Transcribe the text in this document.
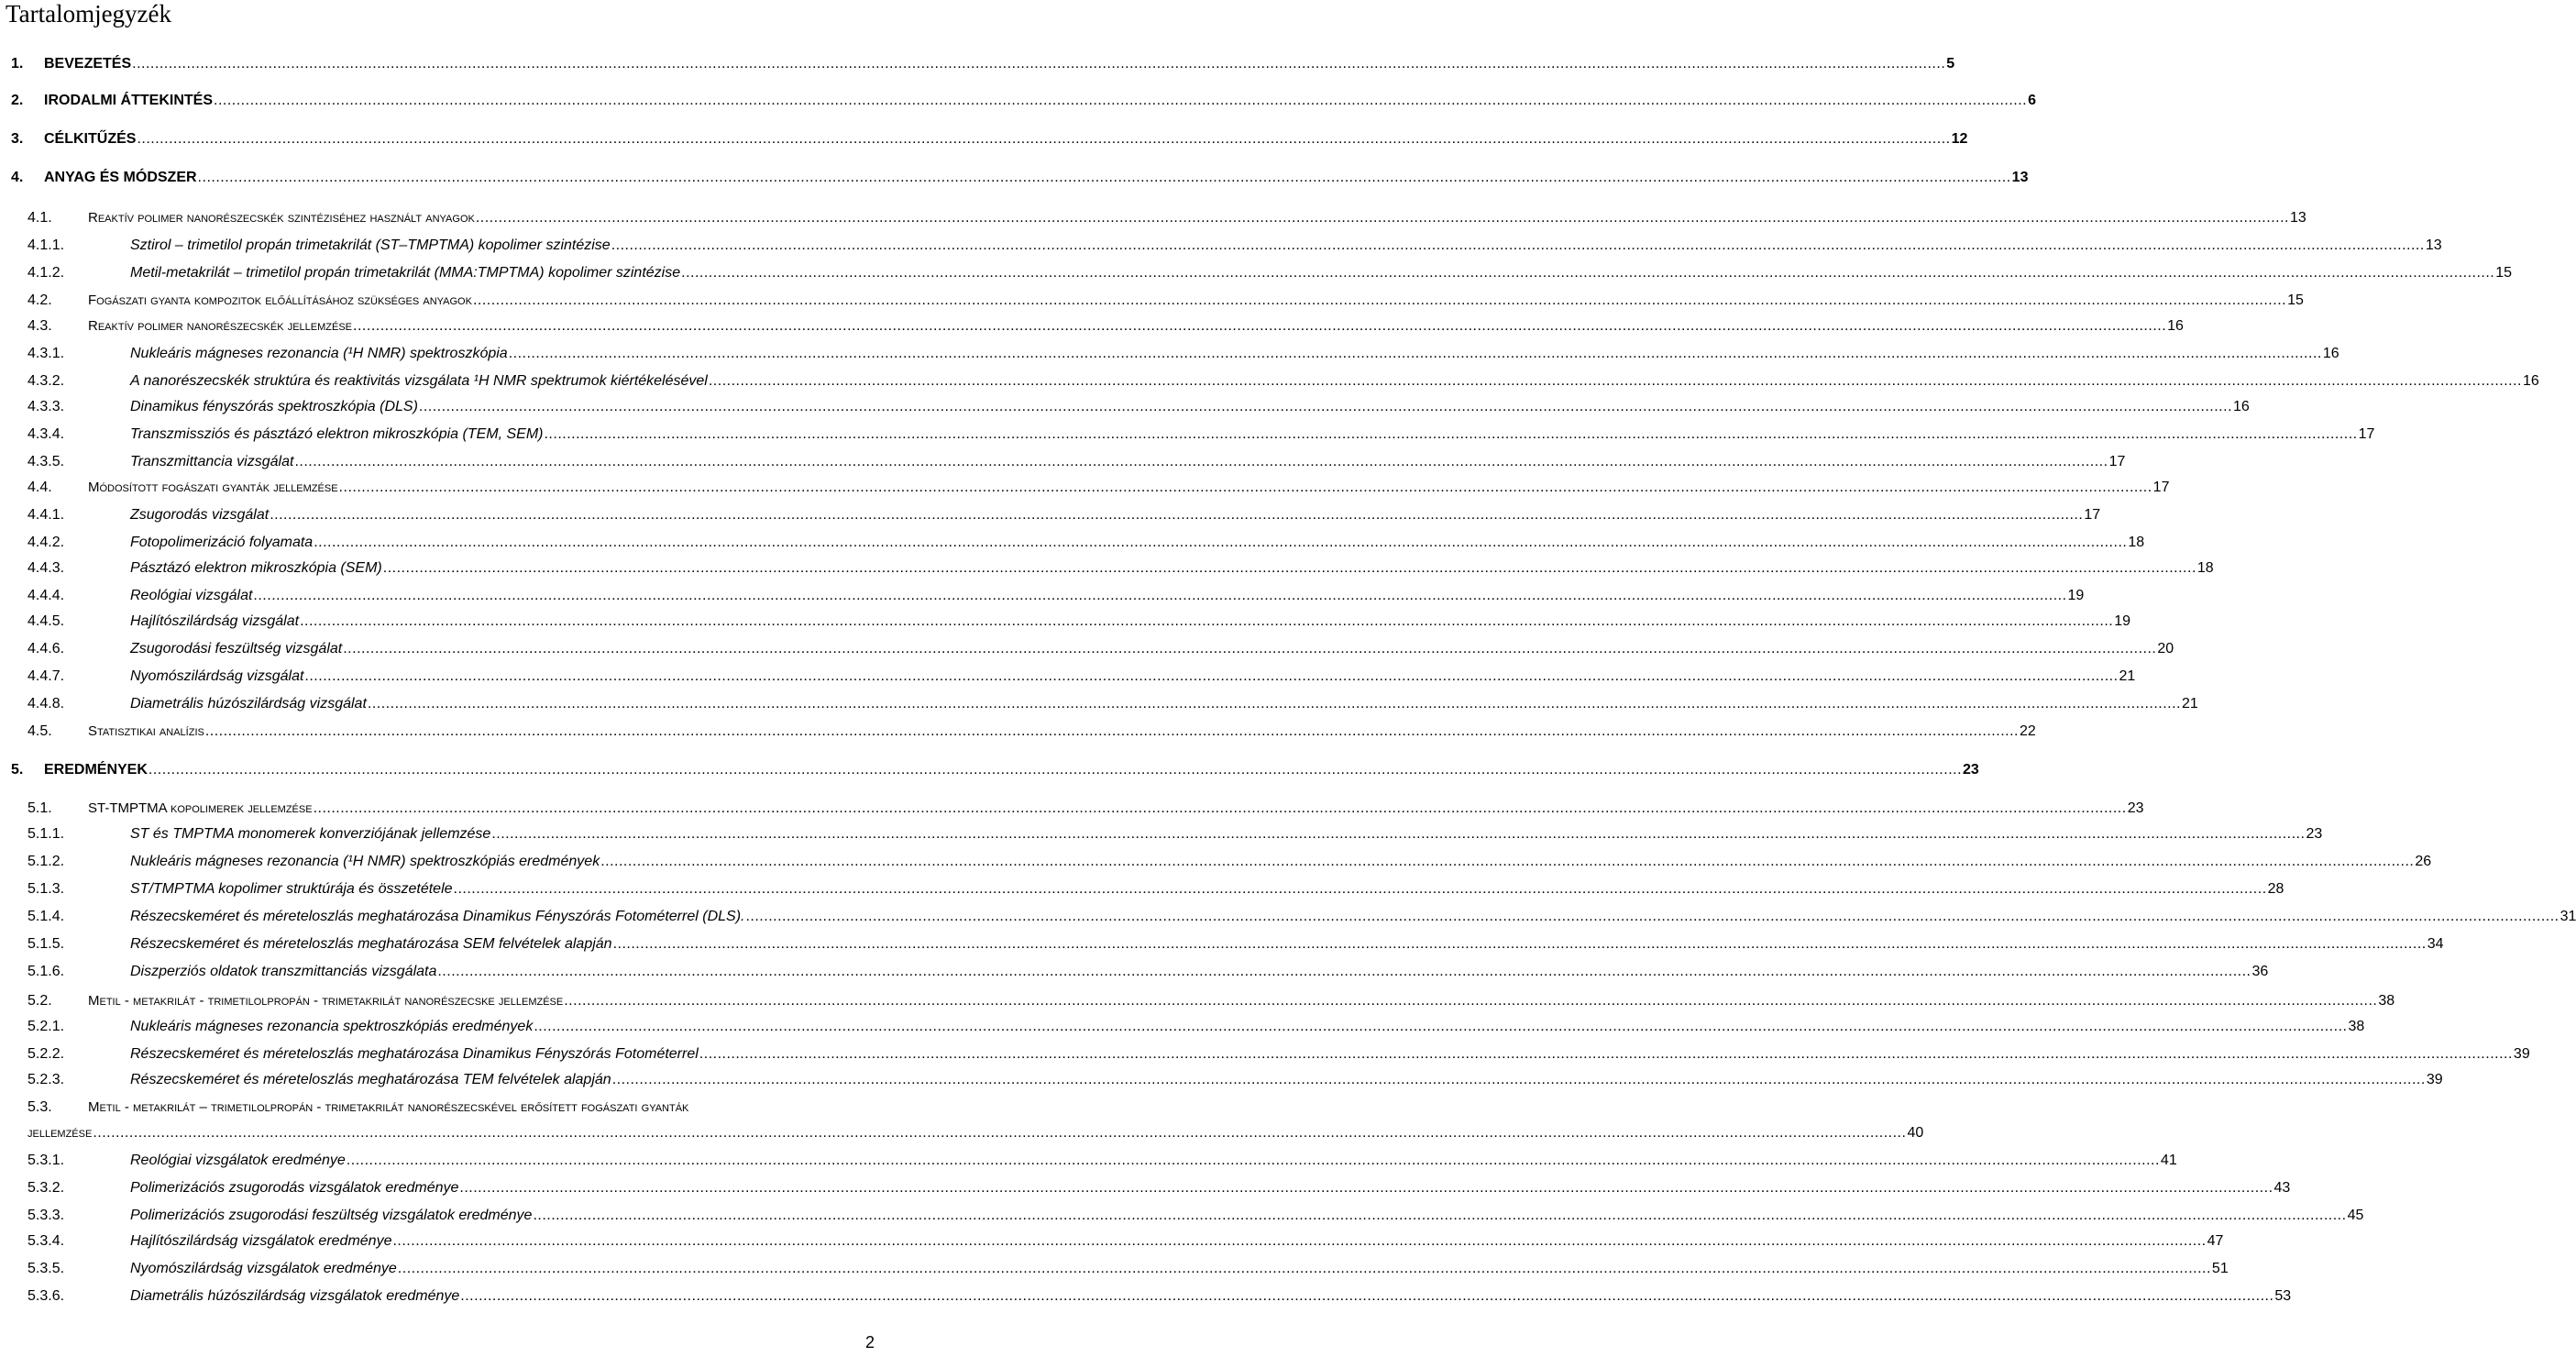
Tartalomjegyzék
1. BEVEZETÉS ................................................................................................................................................................................................................................................................................................................................................................................................................ 5
2. IRODALMI ÁTTEKINTÉS ................................................................................................................................................................................................................................................................................................................................................................................................................ 6
3. CÉLKITŰZÉS ................................................................................................................................................................................................................................................................................................................................................................................................................ 12
4. ANYAG ÉS MÓDSZER ................................................................................................................................................................................................................................................................................................................................................................................................................ 13
4.1.	Reaktív polimer nanorészecskék szintéziséhez használt anyagok ................................................................................................................................................................................................................................................................................................................................................................................................................ 13
4.1.1.	Sztirol – trimetilol propán trimetakrilát (ST–TMPTMA) kopolimer szintézise ................................................................................................................................................................................................................................................................................................................................................................................................................ 13
4.1.2.	Metil-metakrilát – trimetilol propán trimetakrilát (MMA:TMPTMA) kopolimer szintézise ................................................................................................................................................................................................................................................................................................................................................................................................................ 15
4.2.	Fogászati gyanta kompozitok előállításához szükséges anyagok ................................................................................................................................................................................................................................................................................................................................................................................................................ 15
4.3.	Reaktív polimer nanorészecskék jellemzése ................................................................................................................................................................................................................................................................................................................................................................................................................ 16
4.3.1.	Nukleáris mágneses rezonancia (¹H NMR) spektroszkópia ................................................................................................................................................................................................................................................................................................................................................................................................................ 16
4.3.2.	A nanorészecskék struktúra és reaktivitás vizsgálata ¹H NMR spektrumok kiértékelésével ................................................................................................................................................................................................................................................................................................................................................................................................................ 16
4.3.3.	Dinamikus fényszórás spektroszkópia (DLS) ................................................................................................................................................................................................................................................................................................................................................................................................................ 16
4.3.4.	Transzmissziós és pásztázó elektron mikroszkópia (TEM, SEM) ................................................................................................................................................................................................................................................................................................................................................................................................................ 17
4.3.5.	Transzmittancia vizsgálat ................................................................................................................................................................................................................................................................................................................................................................................................................ 17
4.4.	Módosított fogászati gyanták jellemzése ................................................................................................................................................................................................................................................................................................................................................................................................................ 17
4.4.1.	Zsugorodás vizsgálat ................................................................................................................................................................................................................................................................................................................................................................................................................ 17
4.4.2.	Fotopolimerizáció folyamata ................................................................................................................................................................................................................................................................................................................................................................................................................ 18
4.4.3.	Pásztázó elektron mikroszkópia (SEM) ................................................................................................................................................................................................................................................................................................................................................................................................................ 18
4.4.4.	Reológiai vizsgálat ................................................................................................................................................................................................................................................................................................................................................................................................................ 19
4.4.5.	Hajlítószilárdság vizsgálat ................................................................................................................................................................................................................................................................................................................................................................................................................ 19
4.4.6.	Zsugorodási feszültség vizsgálat ................................................................................................................................................................................................................................................................................................................................................................................................................ 20
4.4.7.	Nyomószilárdság vizsgálat ................................................................................................................................................................................................................................................................................................................................................................................................................ 21
4.4.8.	Diametrális húzószilárdság vizsgálat ................................................................................................................................................................................................................................................................................................................................................................................................................ 21
4.5.	Statisztikai analízis ................................................................................................................................................................................................................................................................................................................................................................................................................ 22
5. EREDMÉNYEK ................................................................................................................................................................................................................................................................................................................................................................................................................ 23
5.1.	ST-TMPTMA kopolimerek jellemzése ................................................................................................................................................................................................................................................................................................................................................................................................................ 23
5.1.1.	ST és TMPTMA monomerek konverziójának jellemzése ................................................................................................................................................................................................................................................................................................................................................................................................................ 23
5.1.2.	Nukleáris mágneses rezonancia (¹H NMR) spektroszkópiás eredmények ................................................................................................................................................................................................................................................................................................................................................................................................................ 26
5.1.3.	ST/TMPTMA kopolimer struktúrája és összetétele ................................................................................................................................................................................................................................................................................................................................................................................................................ 28
5.1.4.	Részecskeméret és méreteloszlás meghatározása Dinamikus Fényszórás Fotométerrel (DLS). ................................................................................................................................................................................................................................................................................................................................................................................................................ 31
5.1.5.	Részecskeméret és méreteloszlás meghatározása SEM felvételek alapján ................................................................................................................................................................................................................................................................................................................................................................................................................ 34
5.1.6.	Diszperziós oldatok transzmittanciás vizsgálata ................................................................................................................................................................................................................................................................................................................................................................................................................ 36
5.2.	Metil - metakrilát - trimetilolpropán - trimetakrilát nanorészecske jellemzése ................................................................................................................................................................................................................................................................................................................................................................................................................ 38
5.2.1.	Nukleáris mágneses rezonancia spektroszkópiás eredmények ................................................................................................................................................................................................................................................................................................................................................................................................................ 38
5.2.2.	Részecskeméret és méreteloszlás meghatározása Dinamikus Fényszórás Fotométerrel ................................................................................................................................................................................................................................................................................................................................................................................................................ 39
5.2.3.	Részecskeméret és méreteloszlás meghatározása TEM felvételek alapján ................................................................................................................................................................................................................................................................................................................................................................................................................ 39
5.3.	Metil - metakrilát – trimetilolpropán - trimetakrilát nanorészecskével erősített fogászati gyanták
jellemzése ................................................................................................................................................................................................................................................................................................................................................................................................................ 40
5.3.1.	Reológiai vizsgálatok eredménye ................................................................................................................................................................................................................................................................................................................................................................................................................ 41
5.3.2.	Polimerizációs zsugorodás vizsgálatok eredménye ................................................................................................................................................................................................................................................................................................................................................................................................................ 43
5.3.3.	Polimerizációs zsugorodási feszültség vizsgálatok eredménye ................................................................................................................................................................................................................................................................................................................................................................................................................ 45
5.3.4.	Hajlítószilárdság vizsgálatok eredménye ................................................................................................................................................................................................................................................................................................................................................................................................................ 47
5.3.5.	Nyomószilárdság vizsgálatok eredménye ................................................................................................................................................................................................................................................................................................................................................................................................................ 51
5.3.6.	Diametrális húzószilárdság vizsgálatok eredménye ................................................................................................................................................................................................................................................................................................................................................................................................................ 53
2
